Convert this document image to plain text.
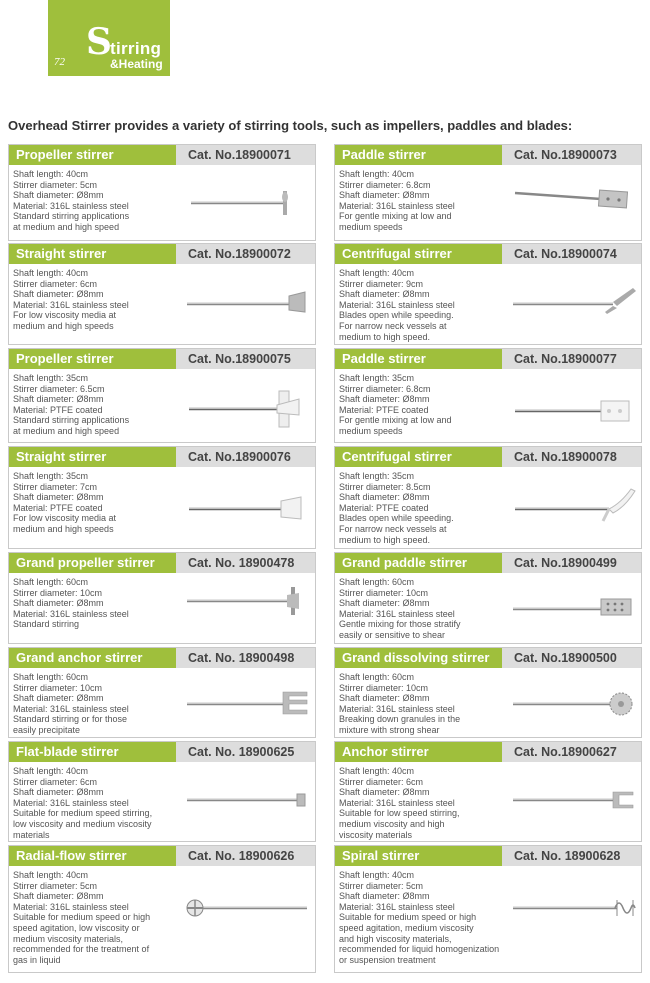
72 S
tirring
&Heating
Overhead Stirrer provides a variety of stirring tools, such as impellers, paddles and blades:
Propeller stirrer	Cat. No.18900071
Shaft length: 40cm
Stirrer diameter: 5cm
Shaft diameter: Ø8mm
Material: 316L stainless steel
Standard stirring applications
at medium and high speed
Paddle stirrer	Cat. No.18900073
Shaft length: 40cm
Stirrer diameter: 6.8cm
Shaft diameter: Ø8mm
Material: 316L stainless steel
For gentle mixing at low and
medium speeds
Straight stirrer	Cat. No.18900072
Shaft length: 40cm
Stirrer diameter: 6cm
Shaft diameter: Ø8mm
Material: 316L stainless steel
For low viscosity media at
medium and high speeds
Centrifugal stirrer	Cat. No.18900074
Shaft length: 40cm
Stirrer diameter: 9cm
Shaft diameter: Ø8mm
Material: 316L stainless steel
Blades open while speeding.
For narrow neck vessels at
medium to high speed.
Propeller stirrer	Cat. No.18900075
Shaft length: 35cm
Stirrer diameter: 6.5cm
Shaft diameter: Ø8mm
Material: PTFE coated
Standard stirring applications
at medium and high speed
Paddle stirrer	Cat. No.18900077
Shaft length: 35cm
Stirrer diameter: 6.8cm
Shaft diameter: Ø8mm
Material: PTFE coated
For gentle mixing at low and
medium speeds
Straight stirrer	Cat. No.18900076
Shaft length: 35cm
Stirrer diameter: 7cm
Shaft diameter: Ø8mm
Material: PTFE coated
For low viscosity media at
medium and high speeds
Centrifugal stirrer	Cat. No.18900078
Shaft length: 35cm
Stirrer diameter: 8.5cm
Shaft diameter: Ø8mm
Material: PTFE coated
Blades open while speeding.
For narrow neck vessels at
medium to high speed.
Grand propeller stirrer	Cat. No. 18900478
Shaft length: 60cm
Stirrer diameter: 10cm
Shaft diameter: Ø8mm
Material: 316L stainless steel
Standard stirring
Grand paddle stirrer	Cat. No.18900499
Shaft length: 60cm
Stirrer diameter: 10cm
Shaft diameter: Ø8mm
Material: 316L stainless steel
Gentle mixing for those stratify
easily or sensitive to shear
Grand anchor stirrer	Cat. No. 18900498
Shaft length: 60cm
Stirrer diameter: 10cm
Shaft diameter: Ø8mm
Material: 316L stainless steel
Standard stirring or for those
easily precipitate
Grand dissolving stirrer	Cat. No.18900500
Shaft length: 60cm
Stirrer diameter: 10cm
Shaft diameter: Ø8mm
Material: 316L stainless steel
Breaking down granules in the
mixture with strong shear
Flat-blade stirrer	Cat. No. 18900625
Shaft length: 40cm
Stirrer diameter: 6cm
Shaft diameter: Ø8mm
Material: 316L stainless steel
Suitable for medium speed stirring,
low viscosity and medium viscosity
materials
Anchor stirrer	Cat. No.18900627
Shaft length: 40cm
Stirrer diameter: 6cm
Shaft diameter: Ø8mm
Material: 316L stainless steel
Suitable for low speed stirring,
medium viscosity and high
viscosity materials
Radial-flow stirrer	Cat. No. 18900626
Shaft length: 40cm
Stirrer diameter: 5cm
Shaft diameter: Ø8mm
Material: 316L stainless steel
Suitable for medium speed or high
speed agitation, low viscosity or
medium viscosity materials,
recommended for the treatment of
gas in liquid
Spiral stirrer	Cat. No. 18900628
Shaft length: 40cm
Stirrer diameter: 5cm
Shaft diameter: Ø8mm
Material: 316L stainless steel
Suitable for medium speed or high
speed agitation, medium viscosity
and high viscosity materials,
recommended for liquid homogenization
or suspension treatment
